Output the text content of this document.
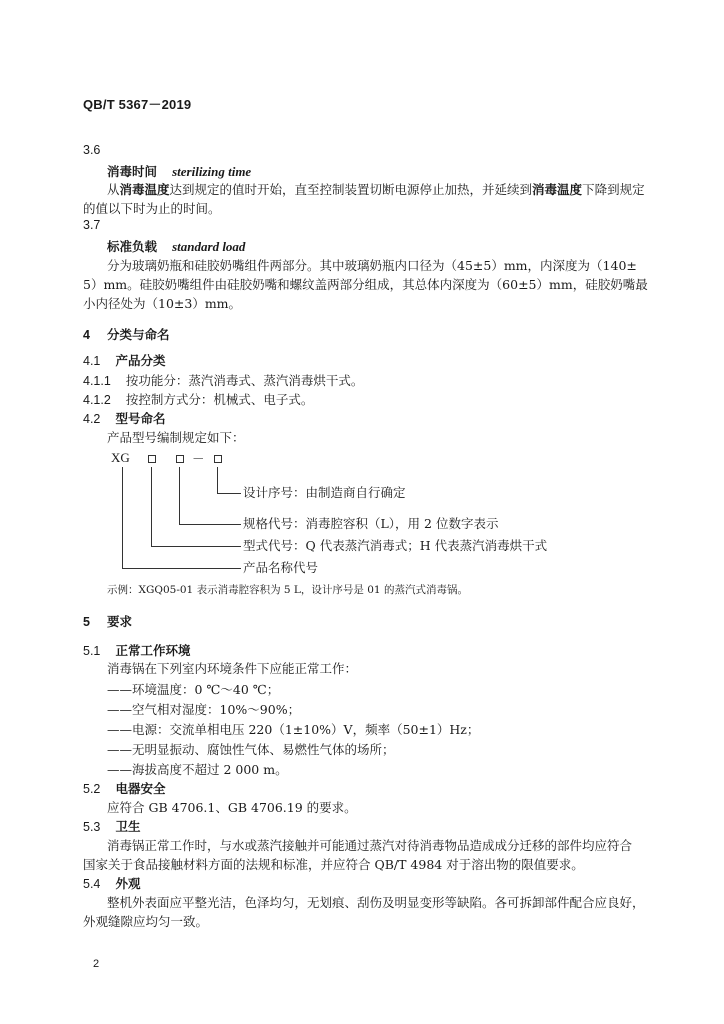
QB/T 5367－2019
3.6
消毒时间 sterilizing time
从消毒温度达到规定的值时开始，直至控制装置切断电源停止加热，并延续到消毒温度下降到规定
的值以下时为止的时间。
3.7
标准负载 standard load
分为玻璃奶瓶和硅胶奶嘴组件两部分。其中玻璃奶瓶内口径为（45±5）mm，内深度为（140±
5）mm。硅胶奶嘴组件由硅胶奶嘴和螺纹盖两部分组成，其总体内深度为（60±5）mm，硅胶奶嘴最
小内径处为（10±3）mm。
4 分类与命名
4.1 产品分类
4.1.1 按功能分：蒸汽消毒式、蒸汽消毒烘干式。
4.1.2 按控制方式分：机械式、电子式。
4.2 型号命名
产品型号编制规定如下：
XG	－
设计序号：由制造商自行确定
规格代号：消毒腔容积（L），用 2 位数字表示
型式代号：Q 代表蒸汽消毒式；H 代表蒸汽消毒烘干式
产品名称代号
示例：XGQ05-01 表示消毒腔容积为 5 L，设计序号是 01 的蒸汽式消毒锅。
5 要求
5.1 正常工作环境
消毒锅在下列室内环境条件下应能正常工作：
——环境温度：0 ℃～40 ℃；
——空气相对湿度：10%～90%；
——电源：交流单相电压 220（1±10%）V，频率（50±1）Hz；
——无明显振动、腐蚀性气体、易燃性气体的场所；
——海拔高度不超过 2 000 m。
5.2 电器安全
应符合 GB 4706.1、GB 4706.19 的要求。
5.3 卫生
消毒锅正常工作时，与水或蒸汽接触并可能通过蒸汽对待消毒物品造成成分迁移的部件均应符合
国家关于食品接触材料方面的法规和标准，并应符合 QB/T 4984 对于溶出物的限值要求。
5.4 外观
整机外表面应平整光洁，色泽均匀，无划痕、刮伤及明显变形等缺陷。各可拆卸部件配合应良好，
外观缝隙应均匀一致。
2
